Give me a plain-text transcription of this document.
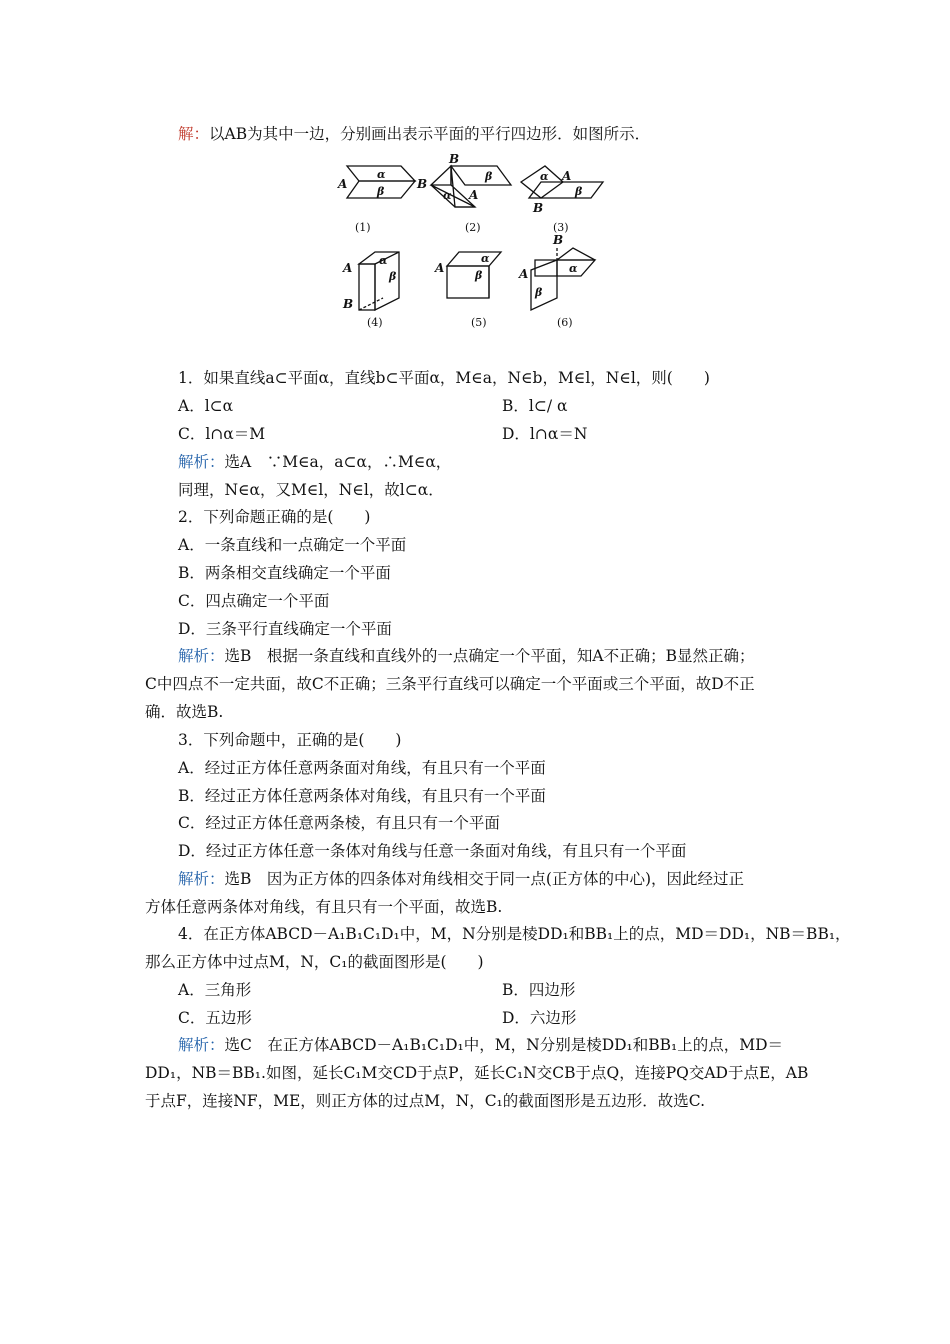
解：以AB为其中一边，分别画出表示平面的平行四边形．如图所示．
A	B
α
β
(1)
B
α A
β
(2)
α A
β
B
(3)
A
B
α
β
(4)
A
α
β
(5)
B
A	α
β
(6)
1．如果直线a⊂平面α，直线b⊂平面α，M∈a，N∈b，M∈l，N∈l，则(　　)
A．l⊂α	B．l⊂/ α
C．l∩α＝M	D．l∩α＝N
解析：选A　∵M∈a，a⊂α，∴M∈α，
同理，N∈α，又M∈l，N∈l，故l⊂α．
2．下列命题正确的是(　　)
A．一条直线和一点确定一个平面
B．两条相交直线确定一个平面
C．四点确定一个平面
D．三条平行直线确定一个平面
解析：选B　根据一条直线和直线外的一点确定一个平面，知A不正确；B显然正确；
C中四点不一定共面，故C不正确；三条平行直线可以确定一个平面或三个平面，故D不正
确．故选B.
3．下列命题中，正确的是(　　)
A．经过正方体任意两条面对角线，有且只有一个平面
B．经过正方体任意两条体对角线，有且只有一个平面
C．经过正方体任意两条棱，有且只有一个平面
D．经过正方体任意一条体对角线与任意一条面对角线，有且只有一个平面
解析：选B　因为正方体的四条体对角线相交于同一点(正方体的中心)，因此经过正
方体任意两条体对角线，有且只有一个平面，故选B.
4．在正方体ABCD－A₁B₁C₁D₁中，M，N分别是棱DD₁和BB₁上的点，MD＝DD₁，NB＝BB₁，
那么正方体中过点M，N，C₁的截面图形是(　　)
A．三角形	B．四边形
C．五边形	D．六边形
解析：选C　在正方体ABCD－A₁B₁C₁D₁中，M，N分别是棱DD₁和BB₁上的点，MD＝
DD₁，NB＝BB₁.如图，延长C₁M交CD于点P，延长C₁N交CB于点Q，连接PQ交AD于点E，AB
于点F，连接NF，ME，则正方体的过点M，N，C₁的截面图形是五边形．故选C.
